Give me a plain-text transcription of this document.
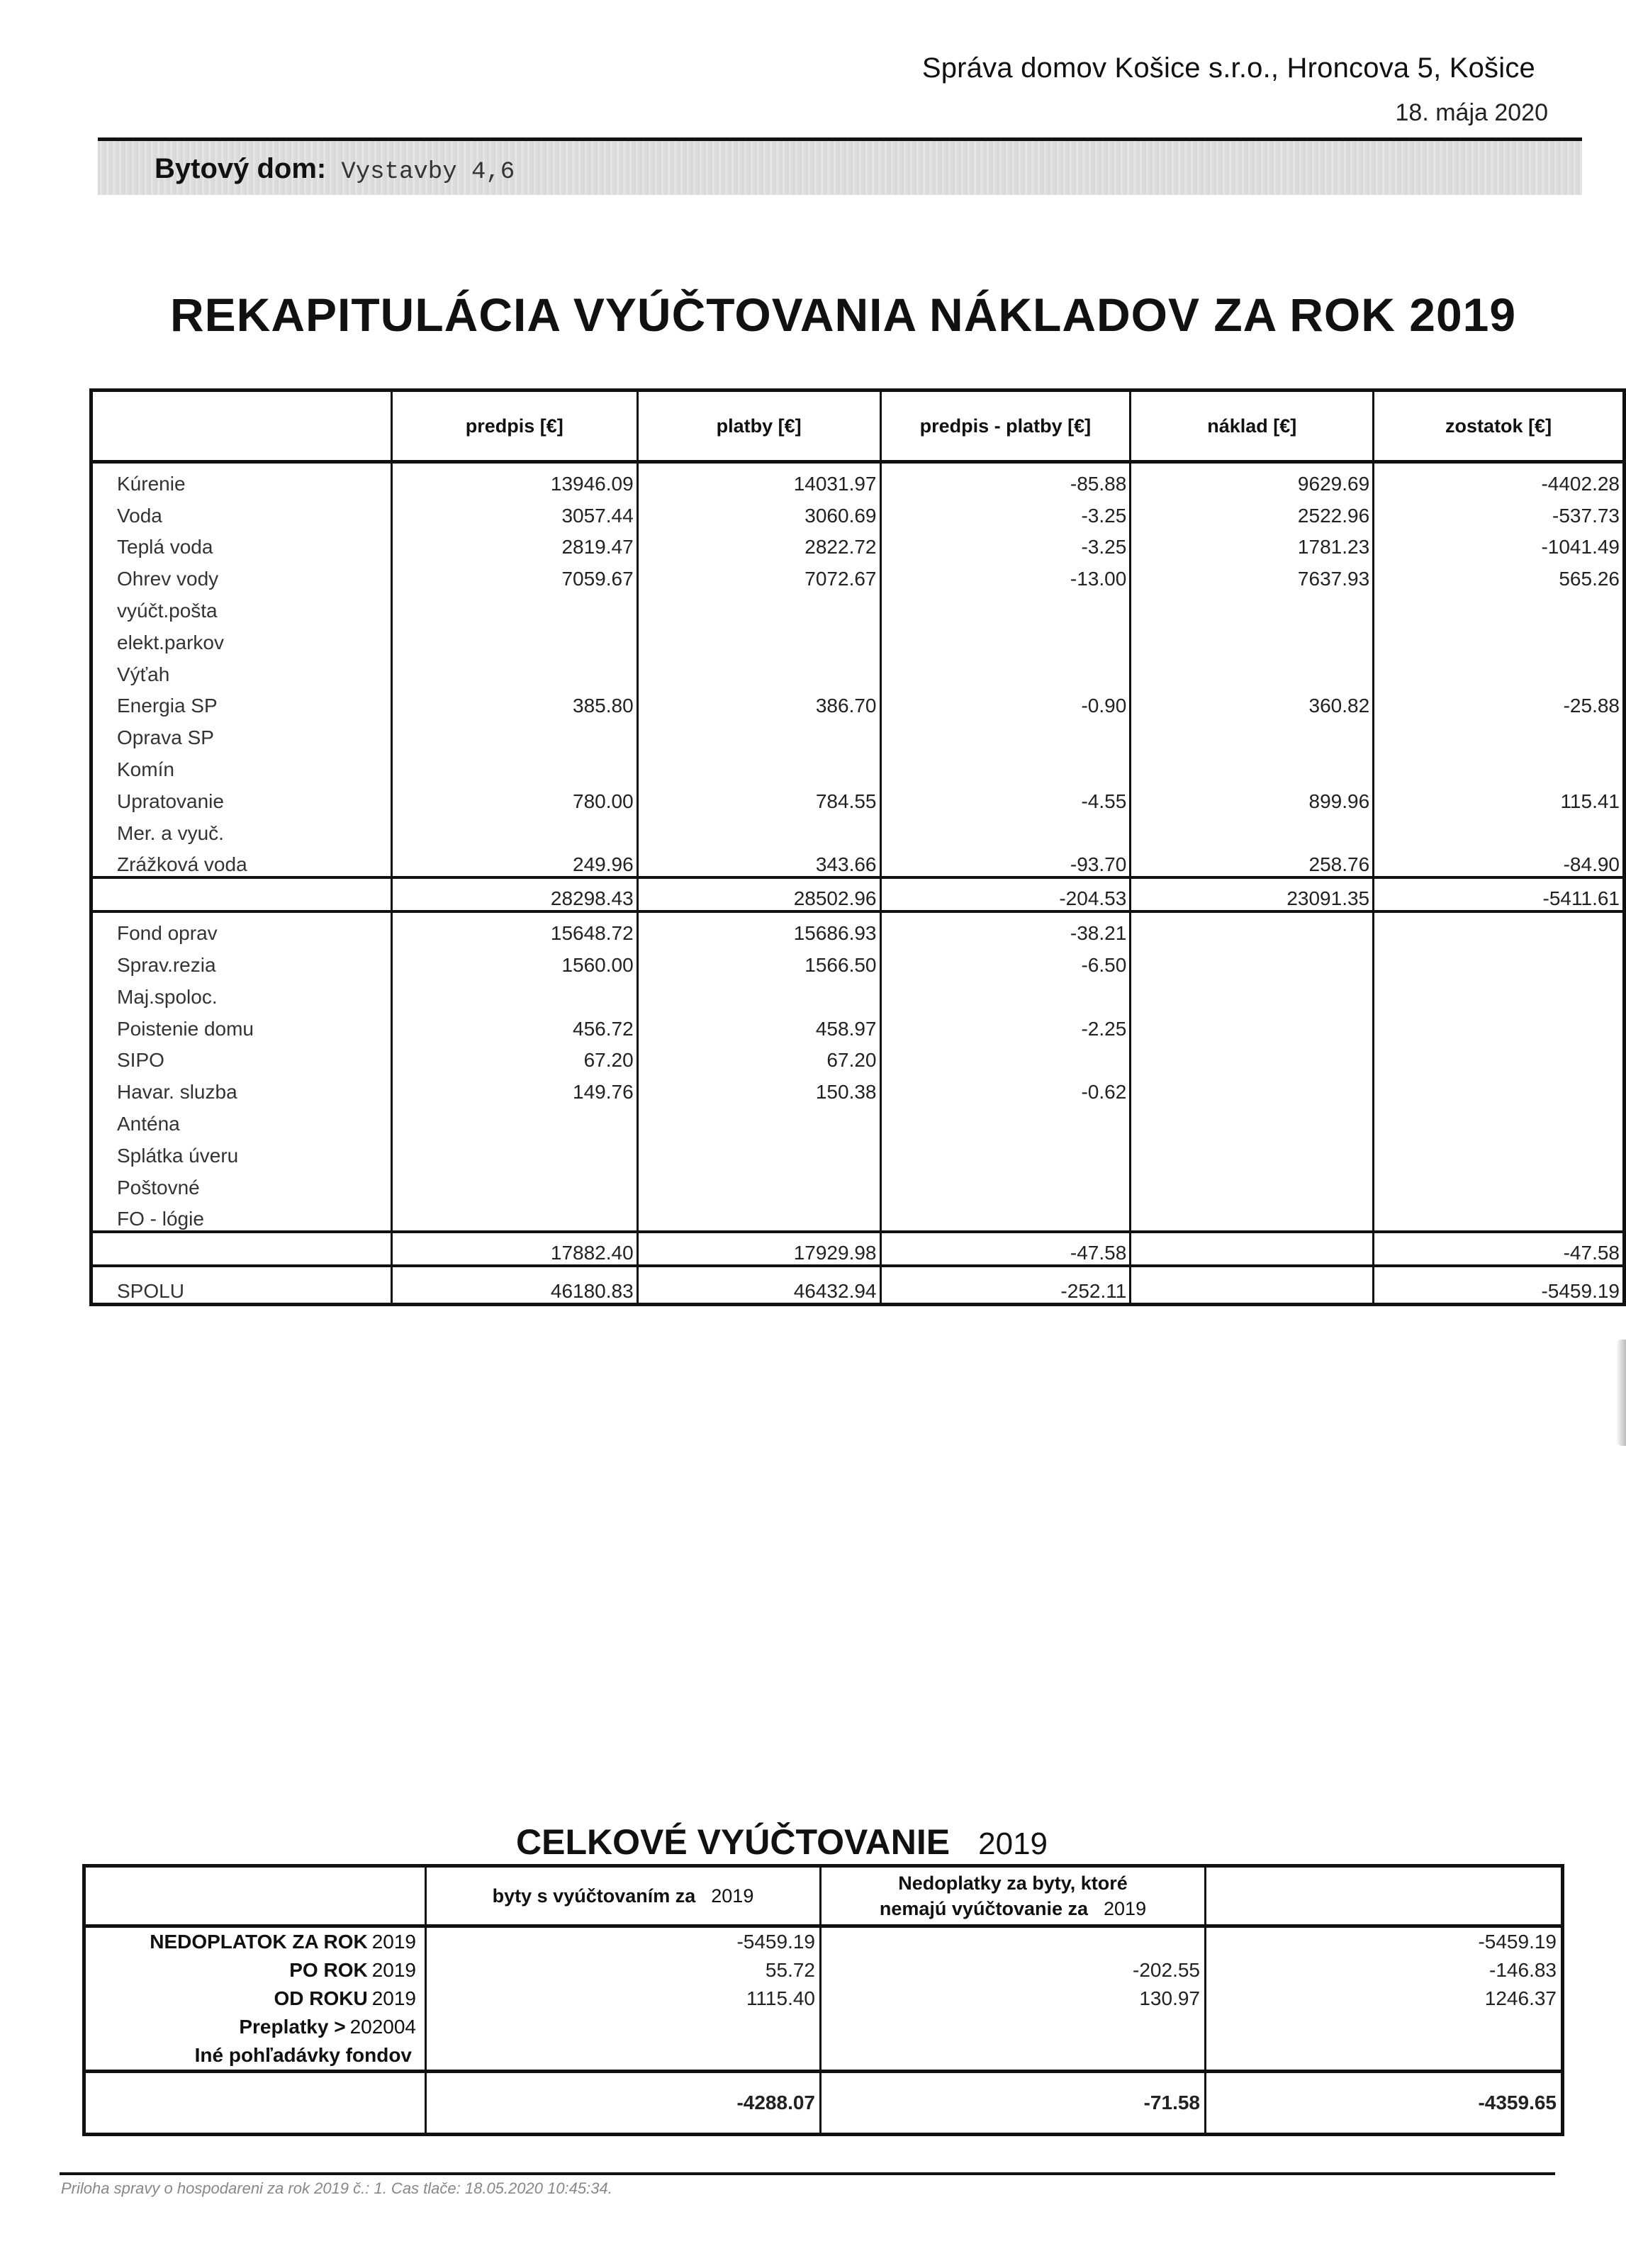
Správa domov Košice s.r.o., Hroncova 5, Košice
18. mája 2020
Bytový dom: Vystavby 4,6
REKAPITULÁCIA VYÚČTOVANIA NÁKLADOV ZA ROK 2019
	predpis [€]	platby [€]	predpis - platby [€]	náklad [€]	zostatok [€]
Kúrenie	13946.09	14031.97	-85.88	9629.69	-4402.28
Voda	3057.44	3060.69	-3.25	2522.96	-537.73
Teplá voda	2819.47	2822.72	-3.25	1781.23	-1041.49
Ohrev vody	7059.67	7072.67	-13.00	7637.93	565.26
vyúčt.pošta					
elekt.parkov					
Výťah					
Energia SP	385.80	386.70	-0.90	360.82	-25.88
Oprava SP					
Komín					
Upratovanie	780.00	784.55	-4.55	899.96	115.41
Mer. a vyuč.					
Zrážková voda	249.96	343.66	-93.70	258.76	-84.90
	28298.43	28502.96	-204.53	23091.35	-5411.61
Fond oprav	15648.72	15686.93	-38.21		
Sprav.rezia	1560.00	1566.50	-6.50		
Maj.spoloc.					
Poistenie domu	456.72	458.97	-2.25		
SIPO	67.20	67.20			
Havar. sluzba	149.76	150.38	-0.62		
Anténa					
Splátka úveru					
Poštovné					
FO - lógie					
	17882.40	17929.98	-47.58		-47.58
SPOLU	46180.83	46432.94	-252.11		-5459.19
CELKOVÉ VYÚČTOVANIE 2019
	byty s vyúčtovaním za 2019	Nedoplatky za byty, ktoré
nemajú vyúčtovanie za 2019	
NEDOPLATOK ZA ROK 2019	-5459.19		-5459.19
PO ROK 2019	55.72	-202.55	-146.83
OD ROKU 2019	1115.40	130.97	1246.37
Preplatky > 202004			
Iné pohľadávky fondov			
	-4288.07	-71.58	-4359.65
Priloha spravy o hospodareni za rok 2019 č.: 1. Cas tlače: 18.05.2020 10:45:34.
